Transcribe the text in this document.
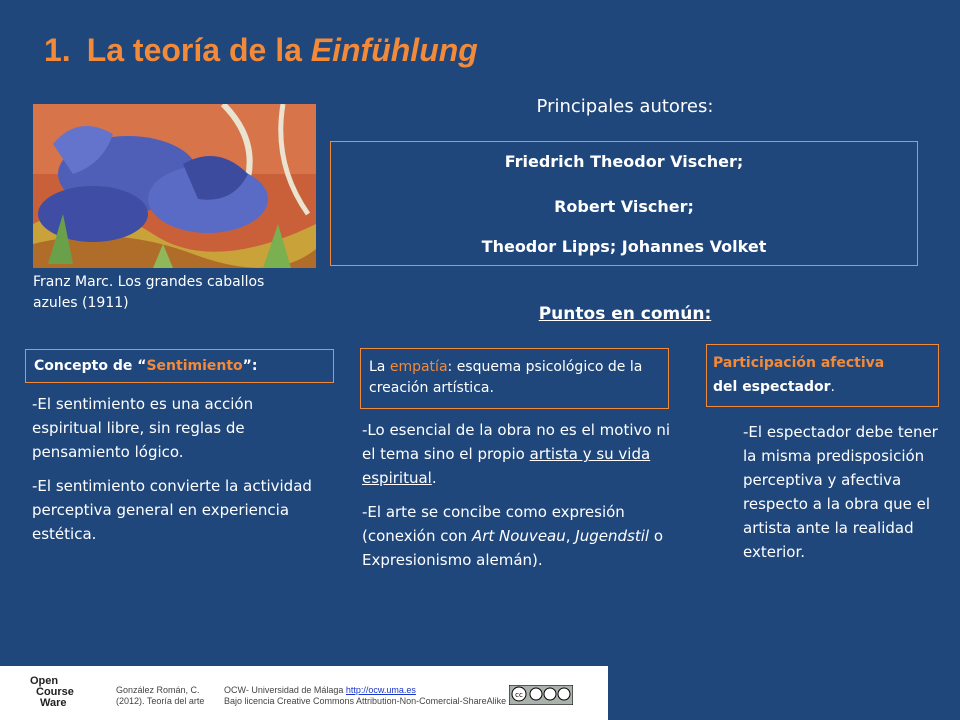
1. La teoría de la Einfühlung
Franz Marc. Los grandes caballos
azules (1911)
Principales autores:
Friedrich Theodor Vischer;
Robert Vischer;
Theodor Lipps; Johannes Volket
Puntos en común:
Concepto de “Sentimiento”:	La empatía: esquema psicológico de la creación artística.
Participación afectiva
del espectador.

-El sentimiento es una acción espiritual libre, sin reglas de pensamiento lógico.

-El sentimiento convierte la actividad perceptiva general en experiencia estética.

-Lo esencial de la obra no es el motivo ni el tema sino el propio artista y su vida espiritual.

-El arte se concibe como expresión (conexión con Art Nouveau, Jugendstil o Expresionismo alemán).

-El espectador debe tener la misma predisposición perceptiva y afectiva respecto a la obra que el artista ante la realidad exterior.
Open
Course
Ware
González Román, C.
(2012). Teoría del arte
OCW- Universidad de Málaga http://ocw.uma.es
Bajo licencia Creative Commons Attribution-Non-Comercial-ShareAlike
cc
